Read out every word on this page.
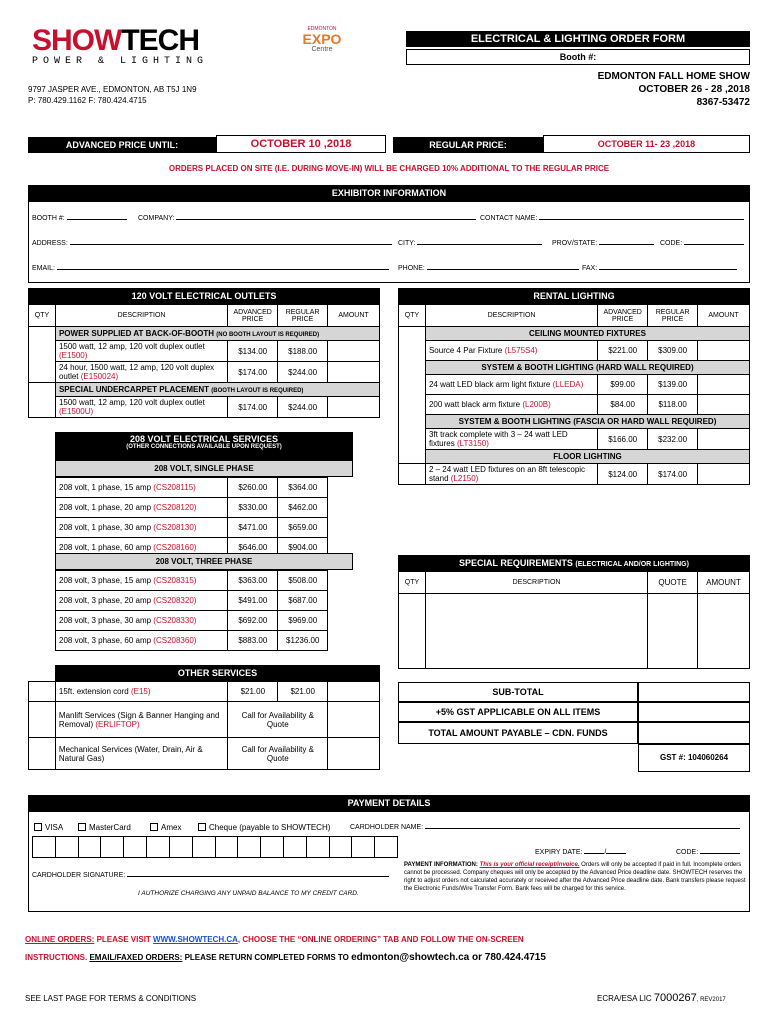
SHOWTECH
POWER & LIGHTING
EDMONTON
EXPO
Centre
ELECTRICAL & LIGHTING ORDER FORM
Booth #:
EDMONTON FALL HOME SHOW
OCTOBER 26 - 28 ,2018
8367-53472
9797 JASPER AVE., EDMONTON, AB T5J 1N9
P: 780.429.1162 F: 780.424.4715
ADVANCED PRICE UNTIL:	OCTOBER 10 ,2018	REGULAR PRICE:	OCTOBER 11- 23 ,2018
ORDERS PLACED ON SITE (I.E. DURING MOVE-IN) WILL BE CHARGED 10% ADDITIONAL TO THE REGULAR PRICE
EXHIBITOR INFORMATION
BOOTH #:	COMPANY:	CONTACT NAME:
ADDRESS:	CITY:	PROV/STATE:	CODE:
EMAIL:	PHONE:	FAX:
120 VOLT ELECTRICAL OUTLETS
QTY	DESCRIPTION	ADVANCED PRICE	REGULAR PRICE	AMOUNT
	POWER SUPPLIED AT BACK-OF-BOOTH (NO BOOTH LAYOUT IS REQUIRED)			
	1500 watt, 12 amp, 120 volt duplex outlet (E1500)	$134.00	$188.00	
	24 hour, 1500 watt, 12 amp, 120 volt duplex outlet (E150024)	$174.00	$244.00	
	SPECIAL UNDERCARPET PLACEMENT (BOOTH LAYOUT IS REQUIRED)			
	1500 watt, 12 amp, 120 volt duplex outlet (E1500U)	$174.00	$244.00	
208 VOLT ELECTRICAL SERVICES
(OTHER CONNECTIONS AVAILABLE UPON REQUEST)
208 VOLT, SINGLE PHASE
208 volt, 1 phase, 15 amp (CS208115)	$260.00	$364.00	
208 volt, 1 phase, 20 amp (CS208120)	$330.00	$462.00	
208 volt, 1 phase, 30 amp (CS208130)	$471.00	$659.00	
208 volt, 1 phase, 60 amp (CS208160)	$646.00	$904.00	
208 VOLT, THREE PHASE
208 volt, 3 phase, 15 amp (CS208315)	$363.00	$508.00	
208 volt, 3 phase, 20 amp (CS208320)	$491.00	$687.00	
208 volt, 3 phase, 30 amp (CS208330)	$692.00	$969.00	
208 volt, 3 phase, 60 amp (CS208360)	$883.00	$1236.00	
RENTAL LIGHTING
QTY	DESCRIPTION	ADVANCED PRICE	REGULAR PRICE	AMOUNT
	CEILING MOUNTED FIXTURES			
	Source 4 Par Fixture (L575S4)	$221.00	$309.00	
	SYSTEM & BOOTH LIGHTING (HARD WALL REQUIRED)			
	24 watt LED black arm light fixture (LLEDA)	$99.00	$139.00	
	200 watt black arm fixture (L200B)	$84.00	$118.00	
	SYSTEM & BOOTH LIGHTING (FASCIA OR HARD WALL REQUIRED)			
	3ft track complete with 3 – 24 watt LED fixtures (LT3150)	$166.00	$232.00	
	FLOOR LIGHTING			
	2 – 24 watt LED fixtures on an 8ft telescopic stand (L2150)	$124.00	$174.00	
SPECIAL REQUIREMENTS (ELECTRICAL AND/OR LIGHTING)
QTY	DESCRIPTION	QUOTE	AMOUNT

OTHER SERVICES
	15ft. extension cord (E15)	$21.00	$21.00	
	Manlift Services (Sign & Banner Hanging and Removal) (ERLIFTOP)	Call for Availability & Quote		
	Mechanical Services (Water, Drain, Air & Natural Gas)	Call for Availability & Quote		
SUB-TOTAL
+5% GST APPLICABLE ON ALL ITEMS
TOTAL AMOUNT PAYABLE – CDN. FUNDS
GST #: 104060264
PAYMENT DETAILS
VISA	MasterCard	Amex	Cheque (payable to SHOWTECH)	CARDHOLDER NAME:
EXPIRY DATE:	/	CODE:
CARDHOLDER SIGNATURE:
I AUTHORIZE CHARGING ANY UNPAID BALANCE TO MY CREDIT CARD.
PAYMENT INFORMATION: This is your official receipt/invoice. Orders will only be accepted if paid in full. Incomplete orders cannot be processed. Company cheques will only be accepted by the Advanced Price deadline date. SHOWTECH reserves the right to adjust orders not calculated accurately or received after the Advanced Price deadline date. Bank transfers please request the Electronic Funds/Wire Transfer Form. Bank fees will be charged for this service.
ONLINE ORDERS: PLEASE VISIT WWW.SHOWTECH.CA, CHOOSE THE “ONLINE ORDERING” TAB AND FOLLOW THE ON-SCREEN
INSTRUCTIONS. EMAIL/FAXED ORDERS: PLEASE RETURN COMPLETED FORMS TO edmonton@showtech.ca or 780.424.4715
SEE LAST PAGE FOR TERMS & CONDITIONS	ECRA/ESA LIC 7000267, REV2017
